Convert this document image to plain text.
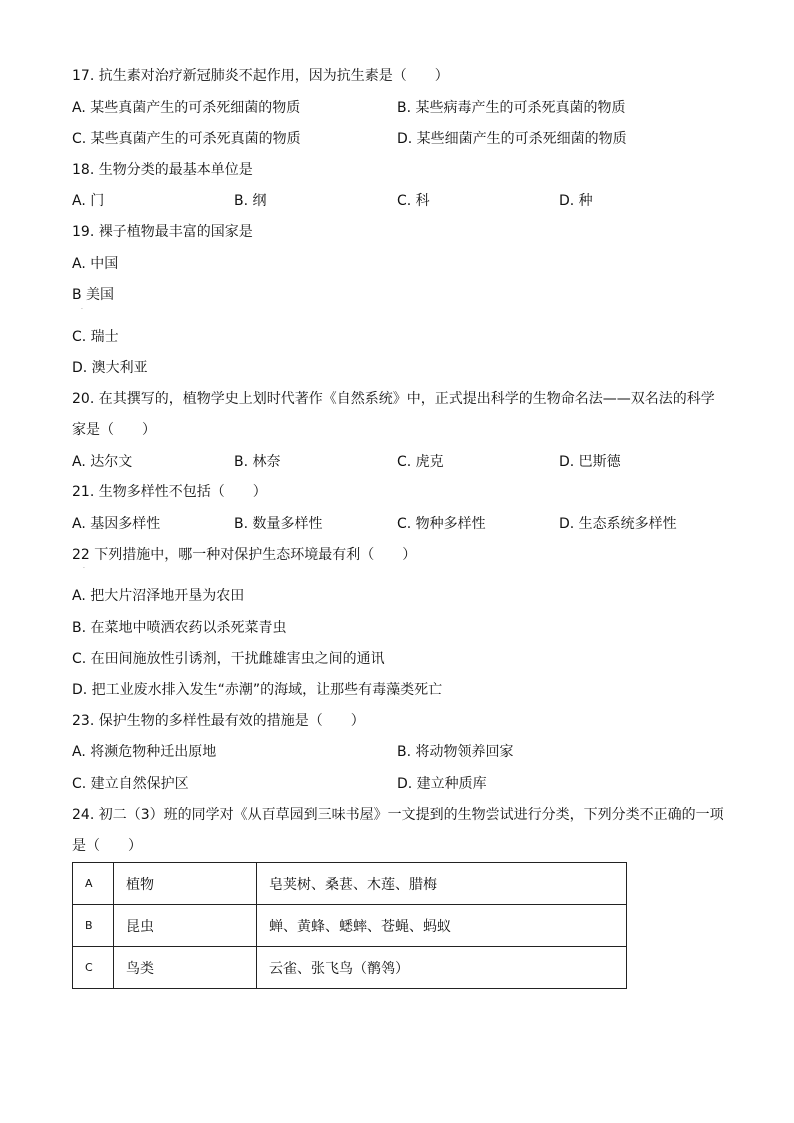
17. 抗生素对治疗新冠肺炎不起作用，因为抗生素是（　　）
A. 某些真菌产生的可杀死细菌的物质	B. 某些病毒产生的可杀死真菌的物质
C. 某些真菌产生的可杀死真菌的物质	D. 某些细菌产生的可杀死细菌的物质
18. 生物分类的最基本单位是
A. 门	B. 纲	C. 科	D. 种
19. 裸子植物最丰富的国家是
A. 中国
B 美国
·
C. 瑞士
D. 澳大利亚
20. 在其撰写的，植物学史上划时代著作《自然系统》中，正式提出科学的生物命名法——双名法的科学
家是（　　）
A. 达尔文	B. 林奈	C. 虎克	D. 巴斯德
21. 生物多样性不包括（　　）
A. 基因多样性	B. 数量多样性	C. 物种多样性	D. 生态系统多样性
22 下列措施中，哪一种对保护生态环境最有利（　　）
·
A. 把大片沼泽地开垦为农田
B. 在菜地中喷洒农药以杀死菜青虫
C. 在田间施放性引诱剂，干扰雌雄害虫之间的通讯
D. 把工业废水排入发生“赤潮”的海域，让那些有毒藻类死亡
23. 保护生物的多样性最有效的措施是（　　）
A. 将濒危物种迁出原地	B. 将动物领养回家
C. 建立自然保护区	D. 建立种质库
24. 初二（3）班的同学对《从百草园到三味书屋》一文提到的生物尝试进行分类，下列分类不正确的一项
是（　　）
A	植物	皂荚树、桑葚、木莲、腊梅
B	昆虫	蝉、黄蜂、蟋蟀、苍蝇、蚂蚁
C	鸟类	云雀、张飞鸟（鹡鸰）
